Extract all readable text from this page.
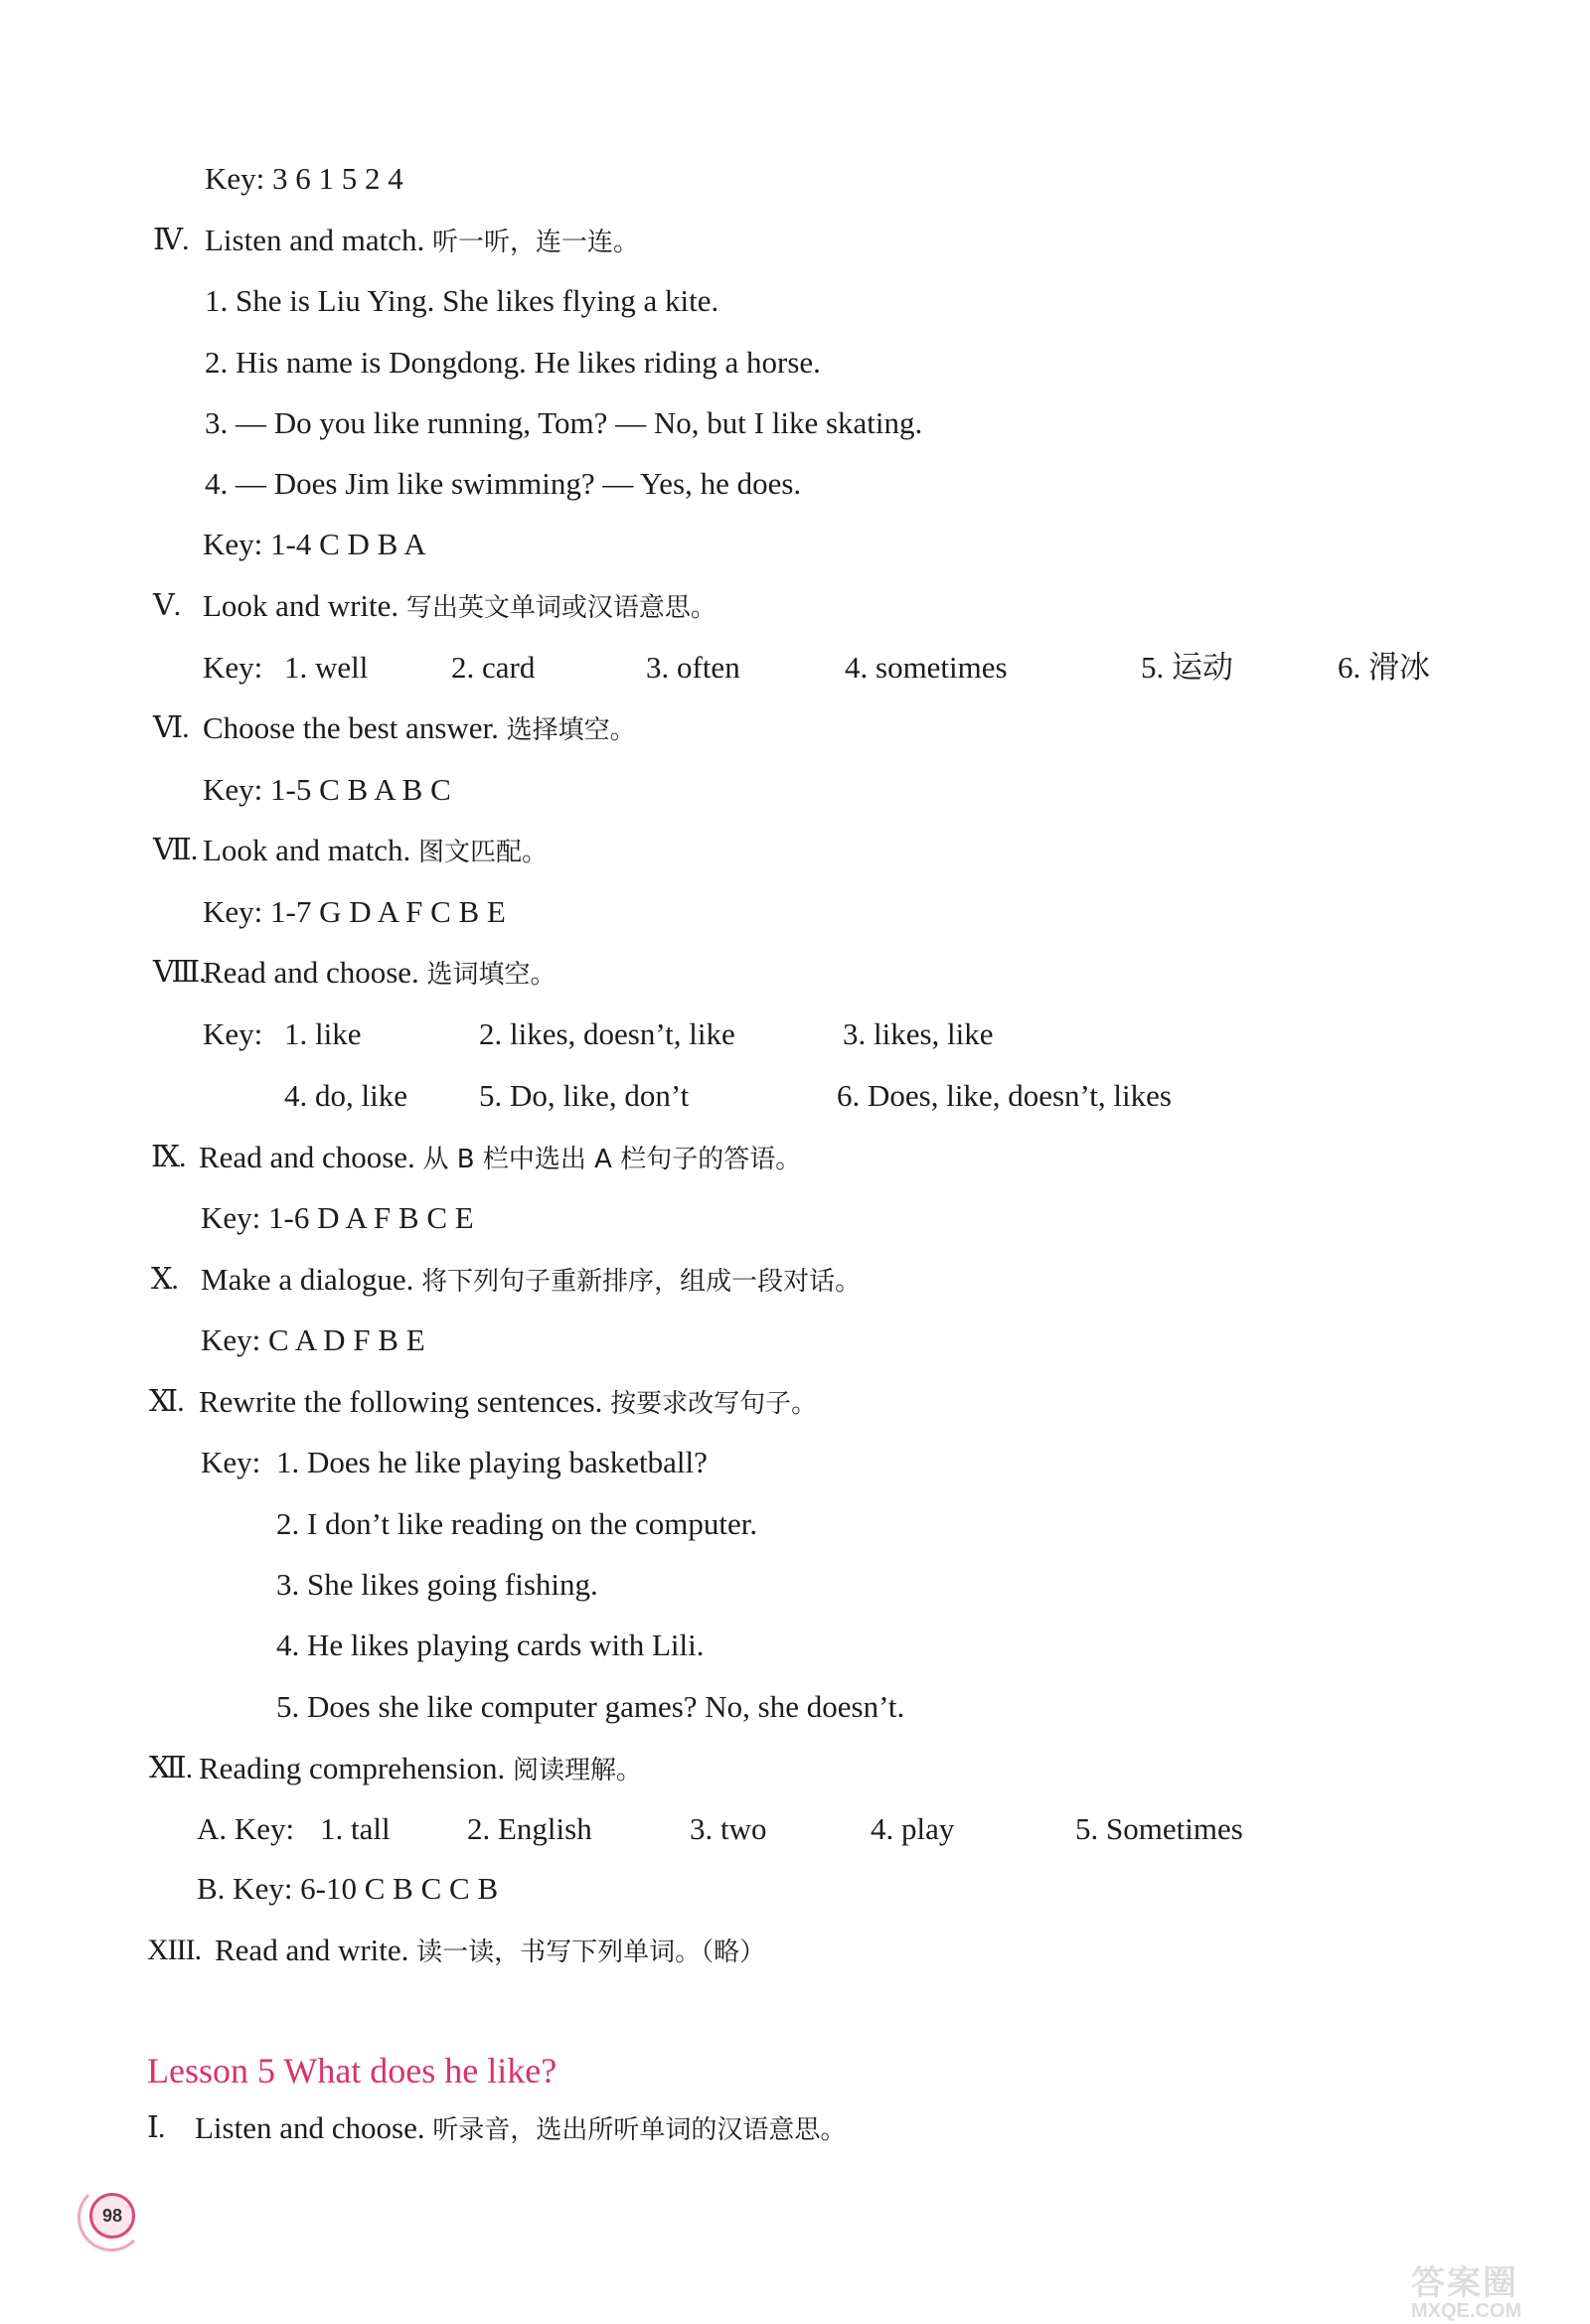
Key: 3 6 1 5 2 4
Ⅳ. Listen and match. 听一听，连一连。
1. She is Liu Ying. She likes flying a kite.
2. His name is Dongdong. He likes riding a horse.
3. — Do you like running, Tom? — No, but I like skating.
4. — Does Jim like swimming? — Yes, he does.
Key: 1-4 C D B A
Ⅴ. Look and write. 写出英文单词或汉语意思。
Key: 1. well	2. card	3. often	4. sometimes	5. 运动	6. 滑冰
Ⅵ. Choose the best answer. 选择填空。
Key: 1-5 C B A B C
Ⅶ. Look and match. 图文匹配。
Key: 1-7 G D A F C B E
Ⅷ.
Read and choose. 选词填空。
Key: 1. like	2. likes, doesn’t, like	3. likes, like
4. do, like 5. Do, like, don’t	6. Does, like, doesn’t, likes
Ⅸ. Read and choose. 从 B 栏中选出 A 栏句子的答语。
Key: 1-6 D A F B C E
Ⅹ. Make a dialogue. 将下列句子重新排序，组成一段对话。
Key: C A D F B E
Ⅺ. Rewrite the following sentences. 按要求改写句子。
Key: 1. Does he like playing basketball?
2. I don’t like reading on the computer.
3. She likes going fishing.
4. He likes playing cards with Lili.
5. Does she like computer games? No, she doesn’t.
Ⅻ. Reading comprehension. 阅读理解。
A. Key: 1. tall 2. English	3. two	4. play	5. Sometimes
B. Key: 6-10 C B C C B
XIII. Read and write. 读一读，书写下列单词。（略）
Lesson 5 What does he like?
Ⅰ. Listen and choose. 听录音，选出所听单词的汉语意思。
98
答案圈
MXQE.COM
